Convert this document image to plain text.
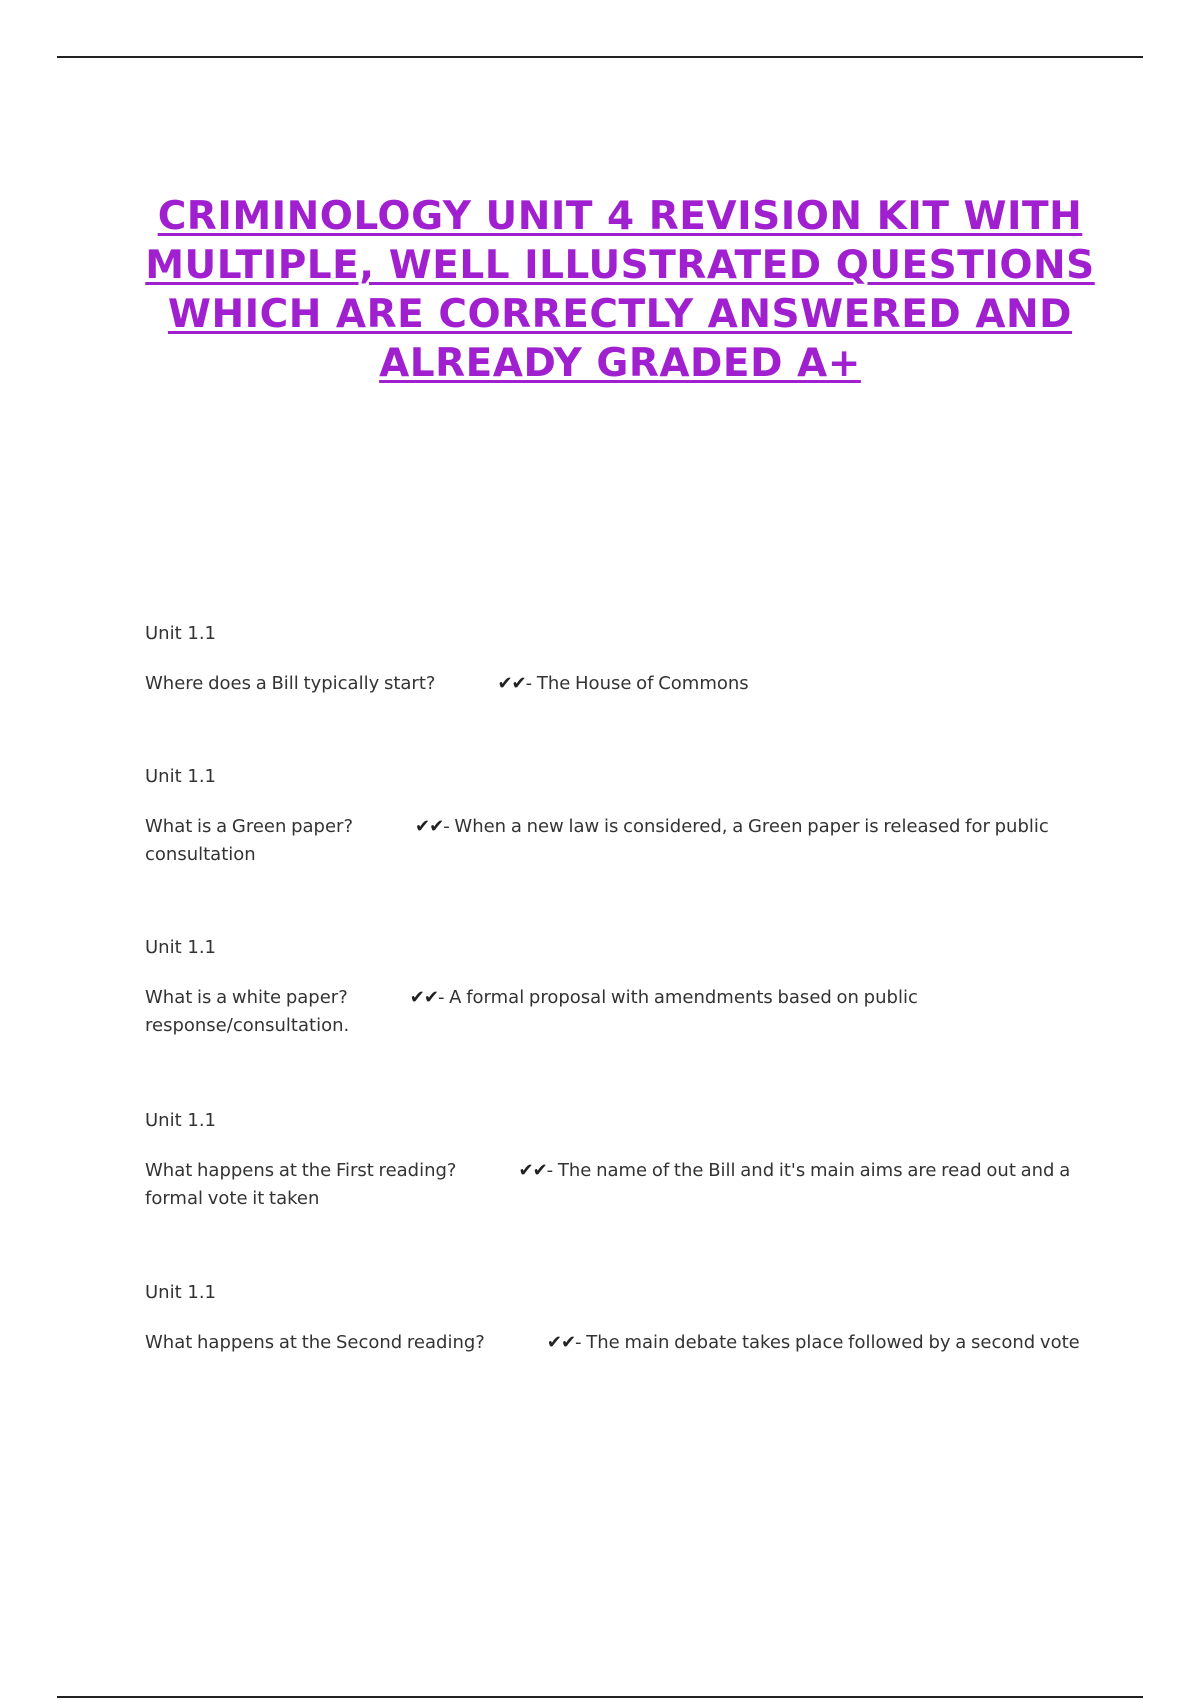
CRIMINOLOGY UNIT 4 REVISION KIT WITH MULTIPLE, WELL ILLUSTRATED QUESTIONS WHICH ARE CORRECTLY ANSWERED AND ALREADY GRADED A+

Unit 1.1

Where does a Bill typically start?	✔✔- The House of Commons

Unit 1.1

What is a Green paper?	✔✔- When a new law is considered, a Green paper is released for public consultation

Unit 1.1

What is a white paper?	✔✔- A formal proposal with amendments based on public response/consultation.

Unit 1.1

What happens at the First reading?	✔✔- The name of the Bill and it's main aims are read out and a formal vote it taken

Unit 1.1

What happens at the Second reading?	✔✔- The main debate takes place followed by a second vote
